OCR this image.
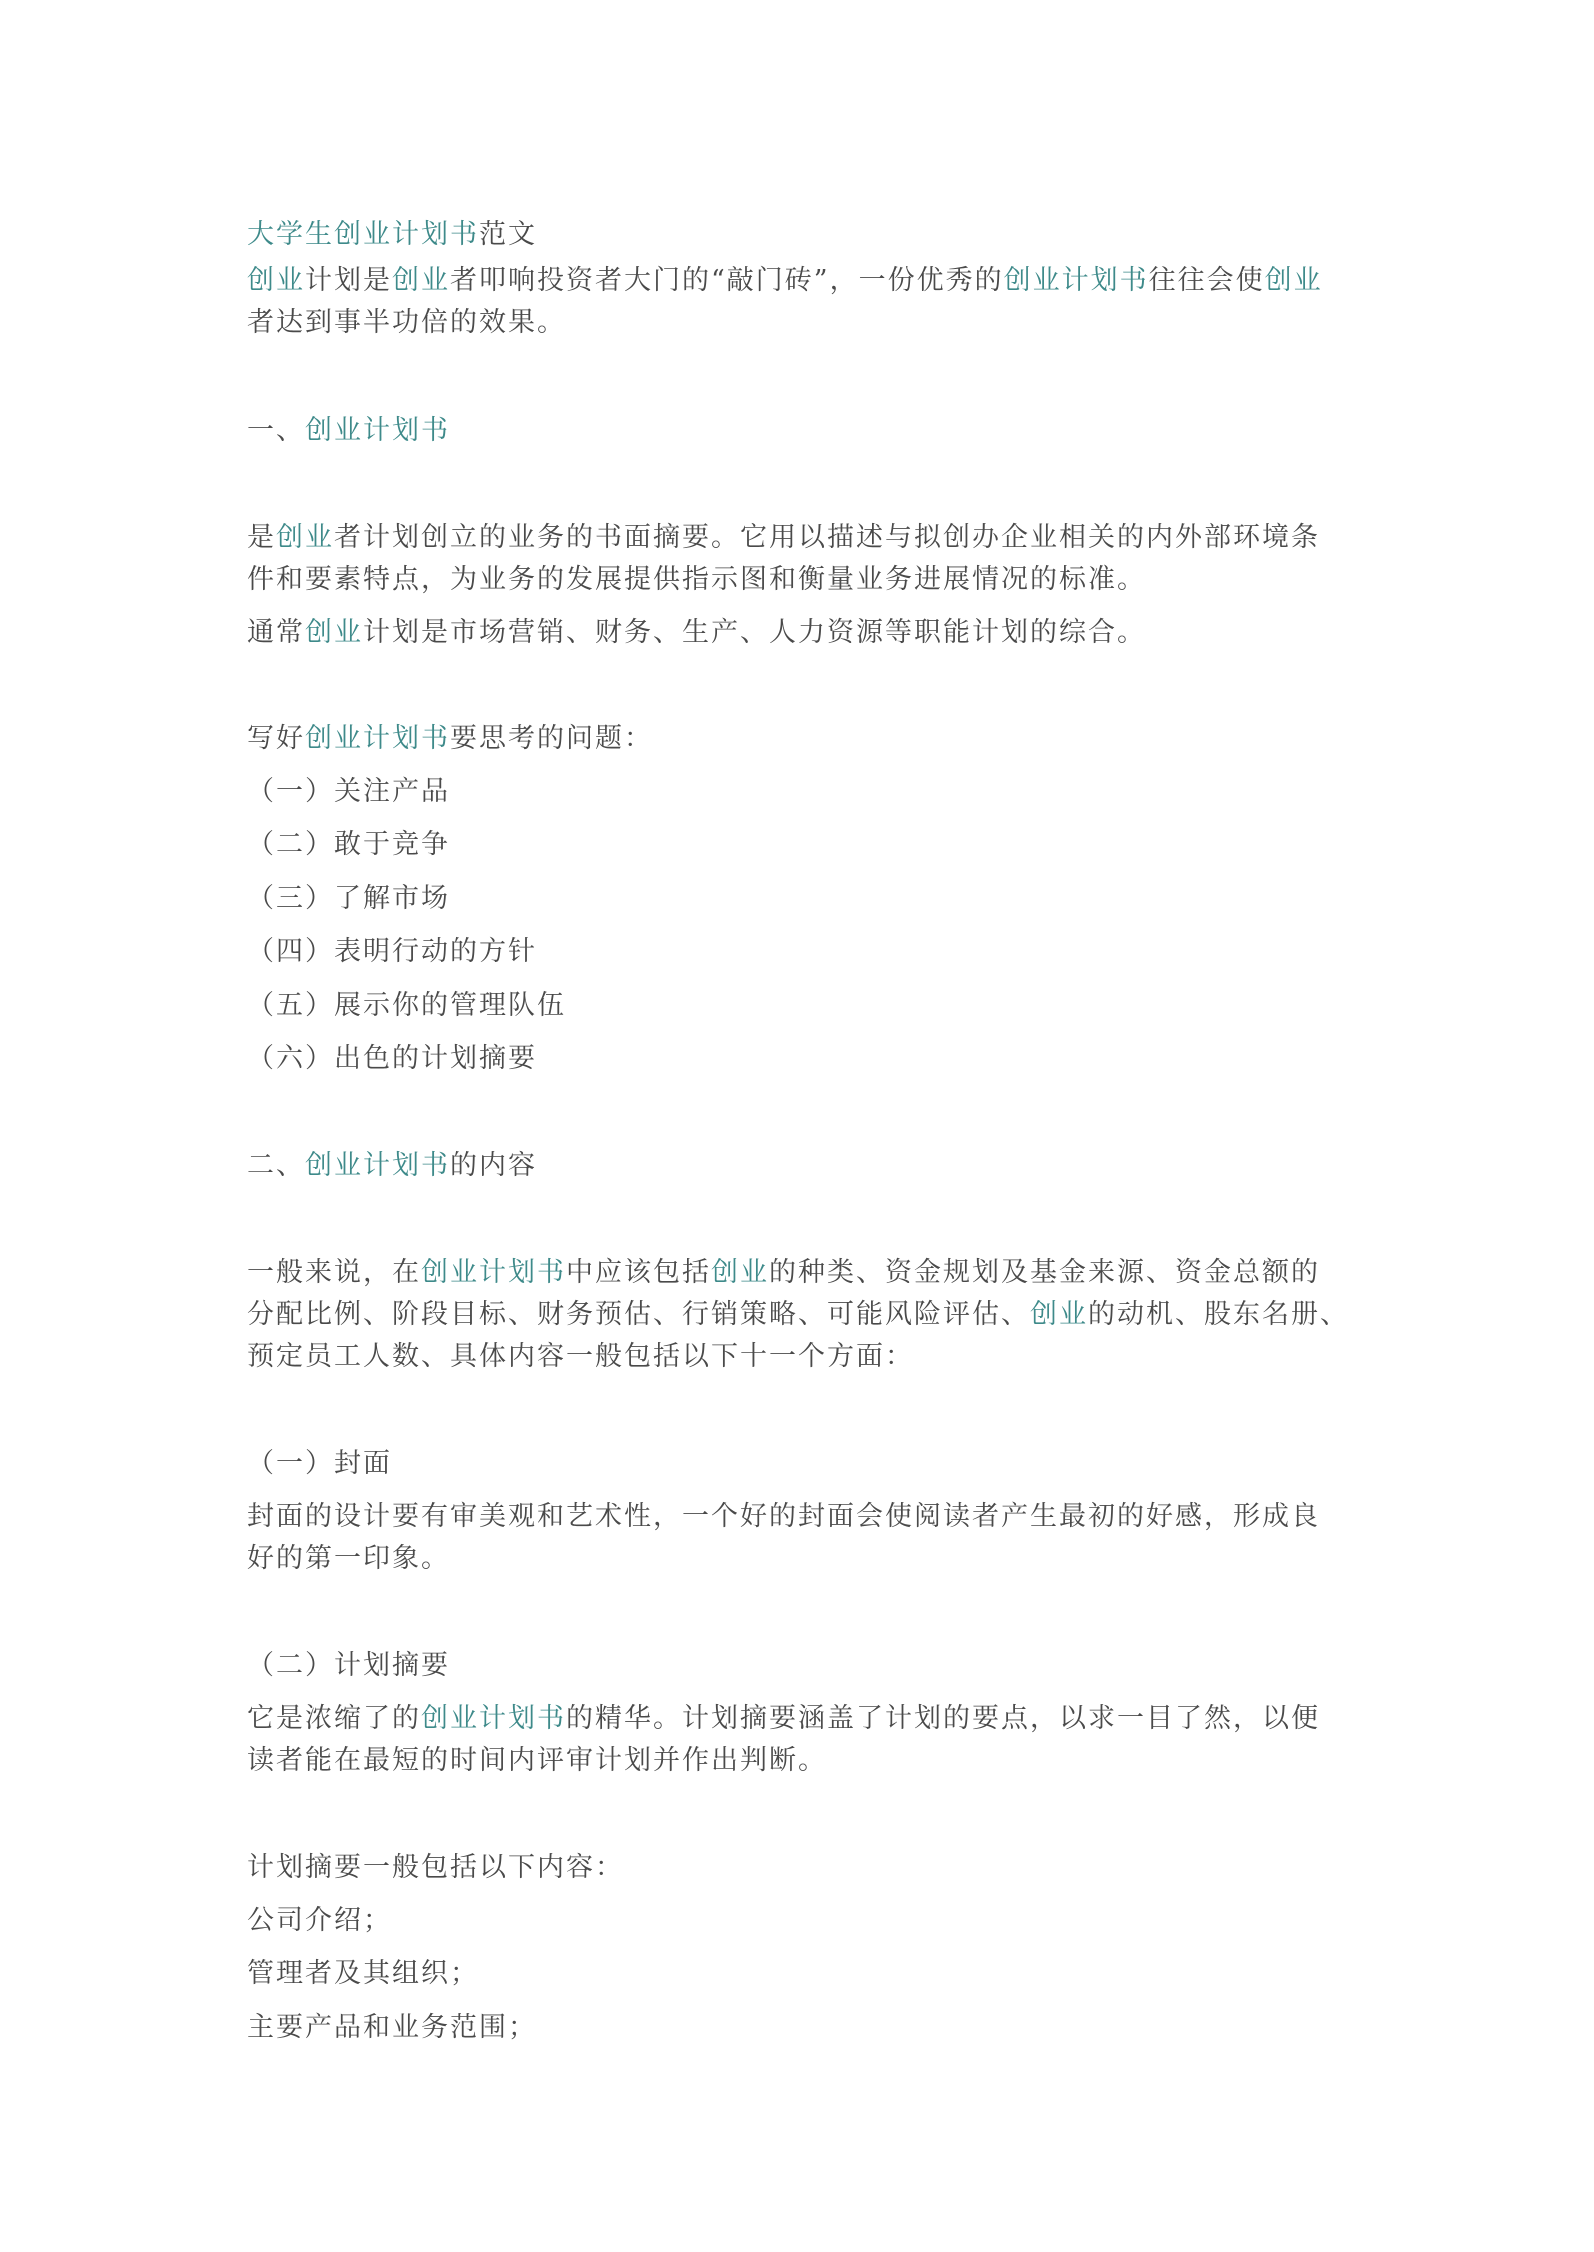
大学生创业计划书范文

创业计划是创业者叩响投资者大门的“敲门砖”，一份优秀的创业计划书往往会使创业

者达到事半功倍的效果。

一、创业计划书

是创业者计划创立的业务的书面摘要。它用以描述与拟创办企业相关的内外部环境条

件和要素特点，为业务的发展提供指示图和衡量业务进展情况的标准。

通常创业计划是市场营销、财务、生产、人力资源等职能计划的综合。

写好创业计划书要思考的问题：

（一）关注产品

（二）敢于竞争

（三）了解市场

（四）表明行动的方针

（五）展示你的管理队伍

（六）出色的计划摘要

二、创业计划书的内容

一般来说，在创业计划书中应该包括创业的种类、资金规划及基金来源、资金总额的

分配比例、阶段目标、财务预估、行销策略、可能风险评估、创业的动机、股东名册、

预定员工人数、具体内容一般包括以下十一个方面：

（一）封面

封面的设计要有审美观和艺术性，一个好的封面会使阅读者产生最初的好感，形成良

好的第一印象。

（二）计划摘要

它是浓缩了的创业计划书的精华。计划摘要涵盖了计划的要点，以求一目了然，以便

读者能在最短的时间内评审计划并作出判断。

计划摘要一般包括以下内容：

公司介绍；

管理者及其组织；

主要产品和业务范围；
